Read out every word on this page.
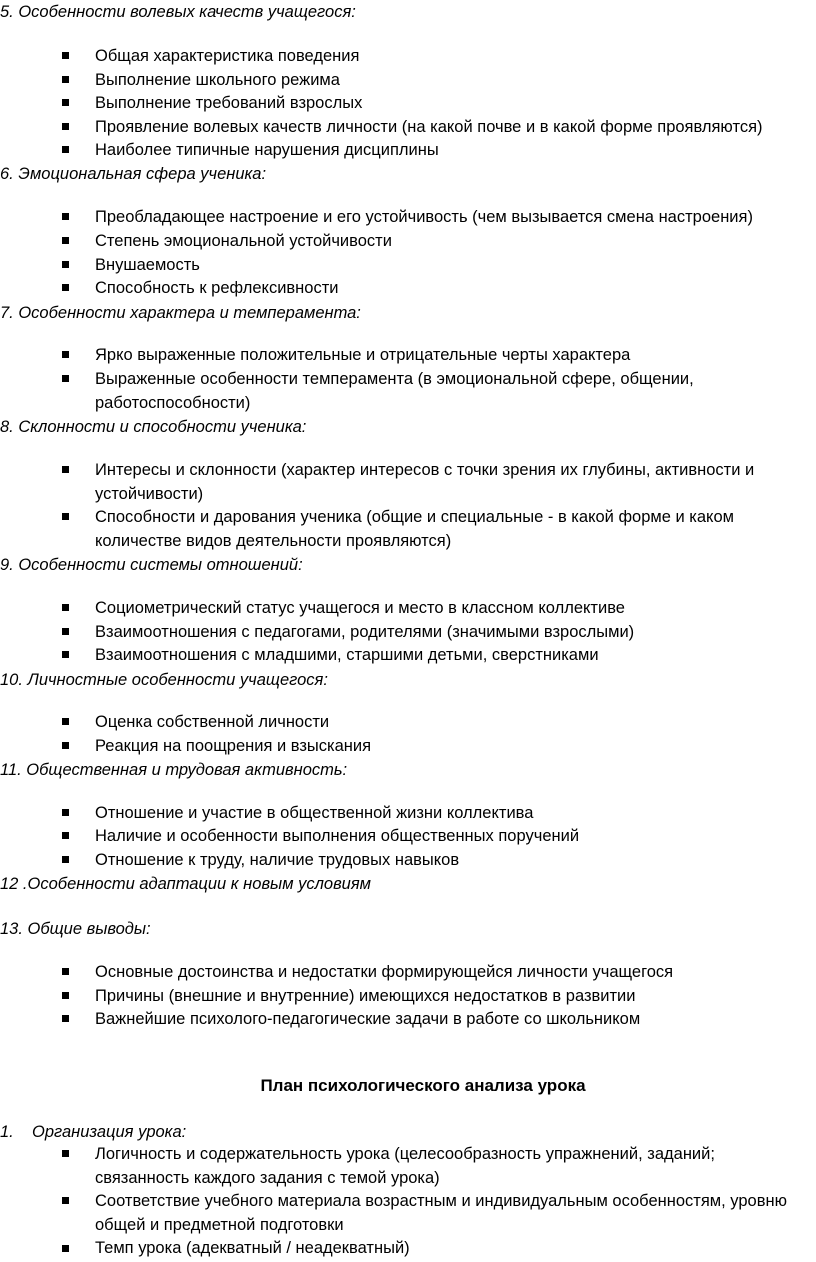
5. Особенности волевых качеств учащегося:
Общая характеристика поведения
Выполнение школьного режима
Выполнение требований взрослых
Проявление волевых качеств личности (на какой почве и в какой форме проявляются)
Наиболее типичные нарушения дисциплины
6. Эмоциональная сфера ученика:
Преобладающее настроение и его устойчивость (чем вызывается смена настроения)
Степень эмоциональной устойчивости
Внушаемость
Способность к рефлексивности
7. Особенности характера и темперамента:
Ярко выраженные положительные и отрицательные черты характера
Выраженные особенности темперамента (в эмоциональной сфере, общении, работоспособности)
8. Склонности и способности ученика:
Интересы и склонности (характер интересов с точки зрения их глубины, активности и устойчивости)
Способности и дарования ученика (общие и специальные - в какой форме и каком количестве видов деятельности проявляются)
9. Особенности системы отношений:
Социометрический статус учащегося и место в классном коллективе
Взаимоотношения с педагогами, родителями (значимыми взрослыми)
Взаимоотношения с младшими, старшими детьми, сверстниками
10. Личностные особенности учащегося:
Оценка собственной личности
Реакция на поощрения и взыскания
11. Общественная и трудовая активность:
Отношение и участие в общественной жизни коллектива
Наличие и особенности выполнения общественных поручений
Отношение к труду, наличие трудовых навыков
12 .Особенности адаптации к новым условиям
13. Общие выводы:
Основные достоинства и недостатки формирующейся личности учащегося
Причины (внешние и внутренние) имеющихся недостатков в развитии
Важнейшие психолого-педагогические задачи в работе со школьником
План психологического анализа урока
1. Организация урока:
Логичность и содержательность урока (целесообразность упражнений, заданий; связанность каждого задания с темой урока)
Соответствие учебного материала возрастным и индивидуальным особенностям, уровню общей и предметной подготовки
Темп урока (адекватный / неадекватный)
